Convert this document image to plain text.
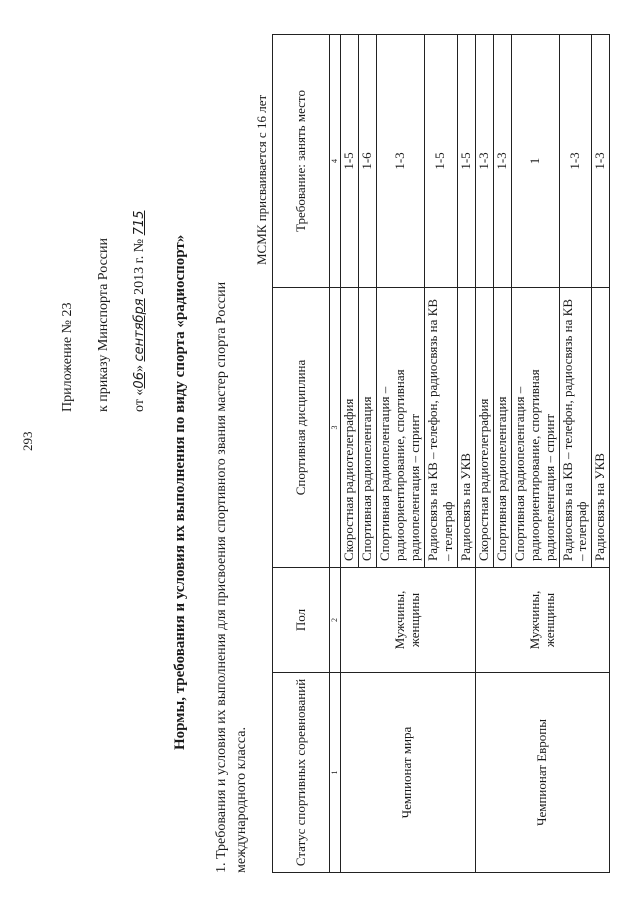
293
Приложение № 23 к приказу Минспорта России от «06» сентября 2013 г. № 715
Нормы, требования и условия их выполнения по виду спорта «радиоспорт» 1. Требования и условия их выполнения для присвоения спортивного звания мастер спорта России международного класса.
МСМК присваивается с 16 лет
Статус спортивных соревнований	Пол	Спортивная дисциплина	Требование: занять место
1	2	3	4
Чемпионат мира	Мужчины, женщины	Скоростная радиотелеграфия	1-5
		Спортивная радиопеленгация	1-6
		Спортивная радиопеленгация – радиоориентирование, спортивная радиопеленгация – спринт	1-3
		Радиосвязь на КВ – телефон, радиосвязь на КВ – телеграф	1-5
		Радиосвязь на УКВ	1-5
Чемпионат Европы	Мужчины, женщины	Скоростная радиотелеграфия	1-3
		Спортивная радиопеленгация	1-3
		Спортивная радиопеленгация – радиоориентирование, спортивная радиопеленгация – спринт	1
		Радиосвязь на КВ – телефон, радиосвязь на КВ – телеграф	1-3
		Радиосвязь на УКВ	1-3
